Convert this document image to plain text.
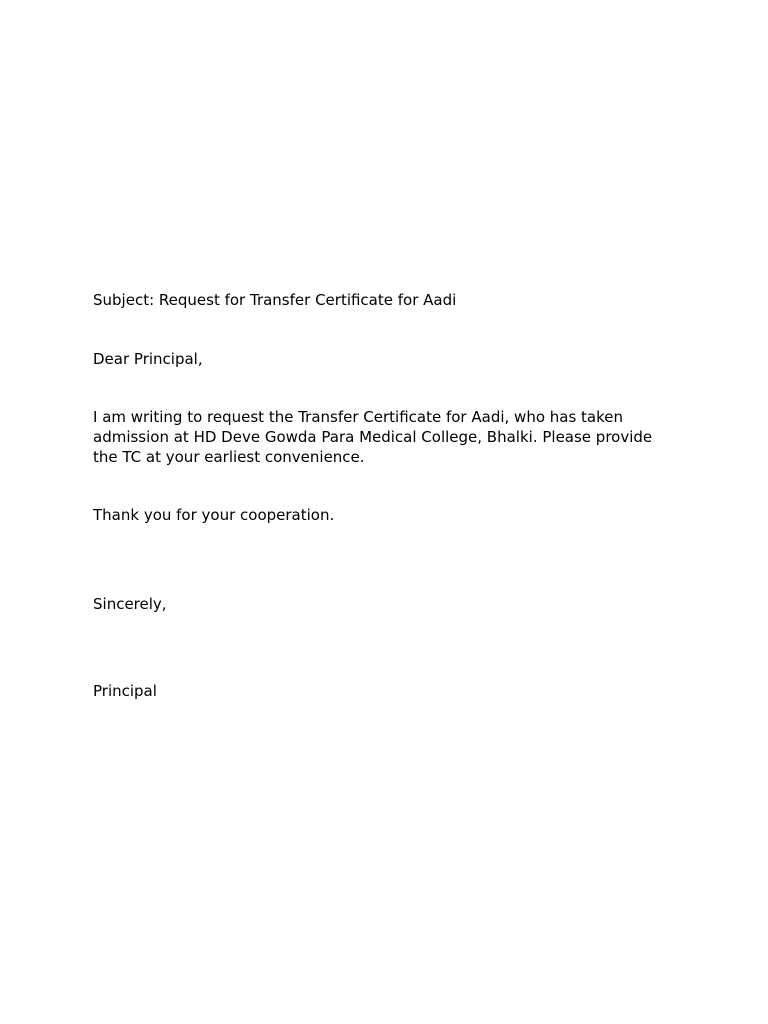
Subject: Request for Transfer Certificate for Aadi

Dear Principal,

I am writing to request the Transfer Certificate for Aadi, who has taken
admission at HD Deve Gowda Para Medical College, Bhalki. Please provide
the TC at your earliest convenience.

Thank you for your cooperation.

Sincerely,

Principal
